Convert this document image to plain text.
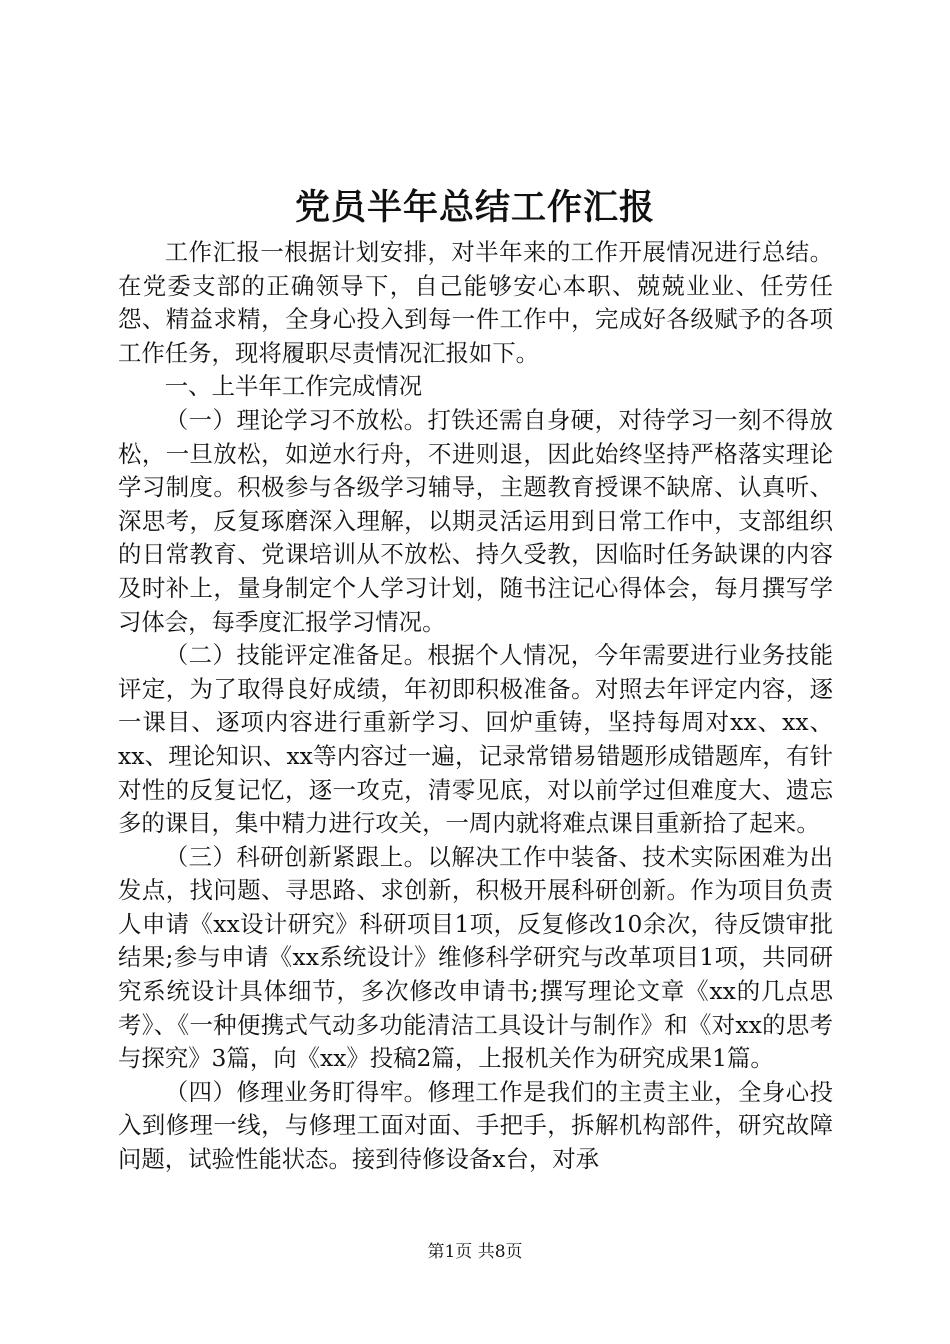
党员半年总结工作汇报

工作汇报一根据计划安排，对半年来的工作开展情况进行总结。在党委支部的正确领导下，自己能够安心本职、兢兢业业、任劳任怨、精益求精，全身心投入到每一件工作中，完成好各级赋予的各项工作任务，现将履职尽责情况汇报如下。

一、上半年工作完成情况

（一）理论学习不放松。打铁还需自身硬，对待学习一刻不得放松，一旦放松，如逆水行舟，不进则退，因此始终坚持严格落实理论学习制度。积极参与各级学习辅导，主题教育授课不缺席、认真听、深思考，反复琢磨深入理解，以期灵活运用到日常工作中，支部组织的日常教育、党课培训从不放松、持久受教，因临时任务缺课的内容及时补上，量身制定个人学习计划，随书注记心得体会，每月撰写学习体会，每季度汇报学习情况。

（二）技能评定准备足。根据个人情况，今年需要进行业务技能评定，为了取得良好成绩，年初即积极准备。对照去年评定内容，逐一课目、逐项内容进行重新学习、回炉重铸，坚持每周对xx、xx、xx、理论知识、xx等内容过一遍，记录常错易错题形成错题库，有针对性的反复记忆，逐一攻克，清零见底，对以前学过但难度大、遗忘多的课目，集中精力进行攻关，一周内就将难点课目重新拾了起来。

（三）科研创新紧跟上。以解决工作中装备、技术实际困难为出发点，找问题、寻思路、求创新，积极开展科研创新。作为项目负责人申请《xx设计研究》科研项目1项，反复修改10余次，待反馈审批结果;参与申请《xx系统设计》维修科学研究与改革项目1项，共同研究系统设计具体细节，多次修改申请书;撰写理论文章《xx的几点思考》、《一种便携式气动多功能清洁工具设计与制作》和《对xx的思考与探究》3篇，向《xx》投稿2篇，上报机关作为研究成果1篇。

（四）修理业务盯得牢。修理工作是我们的主责主业，全身心投入到修理一线，与修理工面对面、手把手，拆解机构部件，研究故障问题，试验性能状态。接到待修设备x台，对承

第1页 共8页
